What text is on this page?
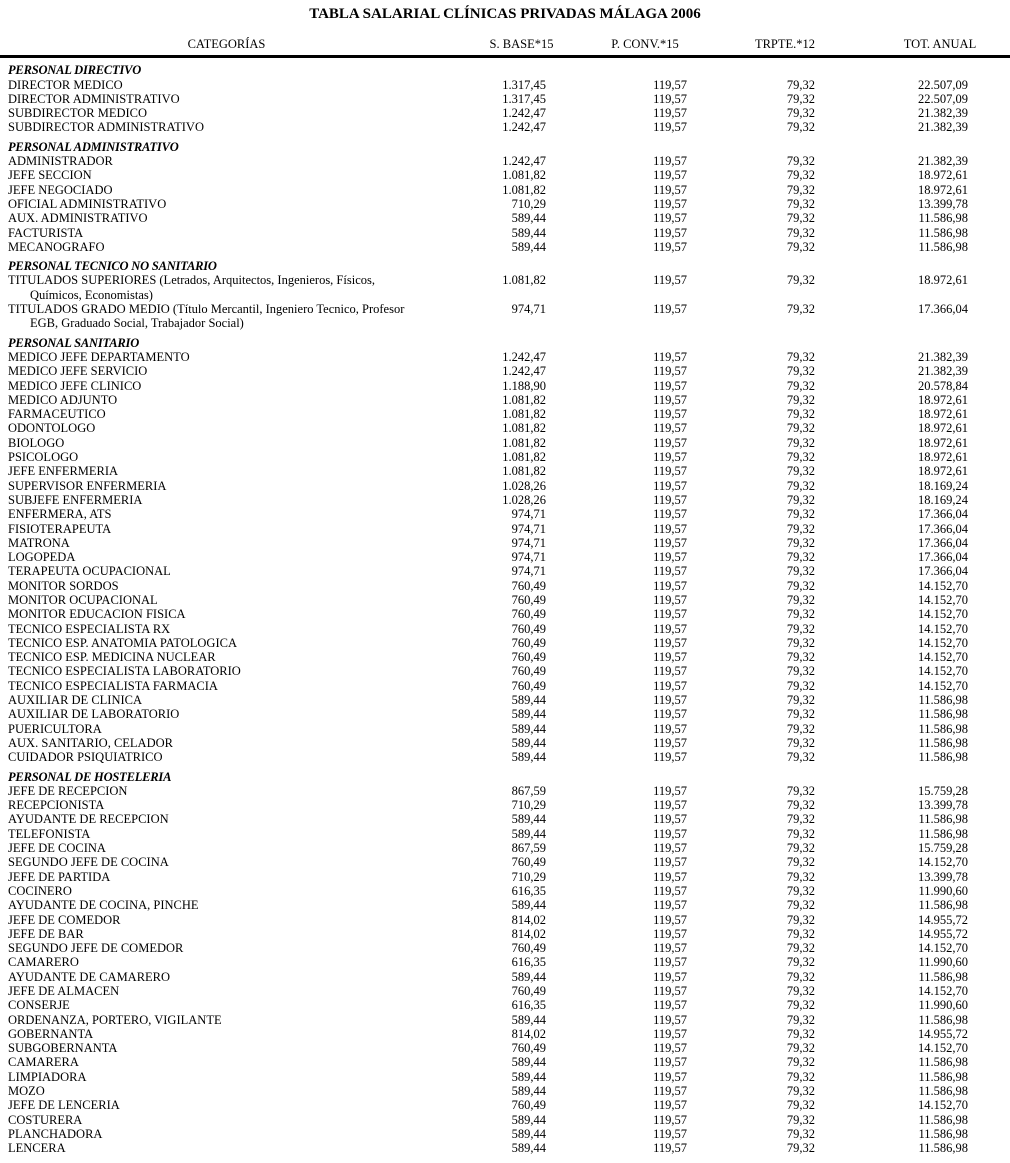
TABLA SALARIAL CLÍNICAS PRIVADAS MÁLAGA 2006
CATEGORÍAS	S. BASE*15	P. CONV.*15	TRPTE.*12	TOT. ANUAL
PERSONAL DIRECTIVO				
DIRECTOR MEDICO	1.317,45	119,57	79,32	22.507,09
DIRECTOR ADMINISTRATIVO	1.317,45	119,57	79,32	22.507,09
SUBDIRECTOR MEDICO	1.242,47	119,57	79,32	21.382,39
SUBDIRECTOR ADMINISTRATIVO	1.242,47	119,57	79,32	21.382,39
PERSONAL ADMINISTRATIVO				
ADMINISTRADOR	1.242,47	119,57	79,32	21.382,39
JEFE SECCION	1.081,82	119,57	79,32	18.972,61
JEFE NEGOCIADO	1.081,82	119,57	79,32	18.972,61
OFICIAL ADMINISTRATIVO	710,29	119,57	79,32	13.399,78
AUX. ADMINISTRATIVO	589,44	119,57	79,32	11.586,98
FACTURISTA	589,44	119,57	79,32	11.586,98
MECANOGRAFO	589,44	119,57	79,32	11.586,98
PERSONAL TECNICO NO SANITARIO				
TITULADOS SUPERIORES (Letrados, Arquitectos, Ingenieros, Físicos,
Químicos, Economistas)	1.081,82	119,57	79,32	18.972,61
TITULADOS GRADO MEDIO (Título Mercantil, Ingeniero Tecnico, Profesor
EGB, Graduado Social, Trabajador Social)	974,71	119,57	79,32	17.366,04
PERSONAL SANITARIO				
MEDICO JEFE DEPARTAMENTO	1.242,47	119,57	79,32	21.382,39
MEDICO JEFE SERVICIO	1.242,47	119,57	79,32	21.382,39
MEDICO JEFE CLINICO	1.188,90	119,57	79,32	20.578,84
MEDICO ADJUNTO	1.081,82	119,57	79,32	18.972,61
FARMACEUTICO	1.081,82	119,57	79,32	18.972,61
ODONTOLOGO	1.081,82	119,57	79,32	18.972,61
BIOLOGO	1.081,82	119,57	79,32	18.972,61
PSICOLOGO	1.081,82	119,57	79,32	18.972,61
JEFE ENFERMERIA	1.081,82	119,57	79,32	18.972,61
SUPERVISOR ENFERMERIA	1.028,26	119,57	79,32	18.169,24
SUBJEFE ENFERMERIA	1.028,26	119,57	79,32	18.169,24
ENFERMERA, ATS	974,71	119,57	79,32	17.366,04
FISIOTERAPEUTA	974,71	119,57	79,32	17.366,04
MATRONA	974,71	119,57	79,32	17.366,04
LOGOPEDA	974,71	119,57	79,32	17.366,04
TERAPEUTA OCUPACIONAL	974,71	119,57	79,32	17.366,04
MONITOR SORDOS	760,49	119,57	79,32	14.152,70
MONITOR OCUPACIONAL	760,49	119,57	79,32	14.152,70
MONITOR EDUCACION FISICA	760,49	119,57	79,32	14.152,70
TECNICO ESPECIALISTA RX	760,49	119,57	79,32	14.152,70
TECNICO ESP. ANATOMIA PATOLOGICA	760,49	119,57	79,32	14.152,70
TECNICO ESP. MEDICINA NUCLEAR	760,49	119,57	79,32	14.152,70
TECNICO ESPECIALISTA LABORATORIO	760,49	119,57	79,32	14.152,70
TECNICO ESPECIALISTA FARMACIA	760,49	119,57	79,32	14.152,70
AUXILIAR DE CLINICA	589,44	119,57	79,32	11.586,98
AUXILIAR DE LABORATORIO	589,44	119,57	79,32	11.586,98
PUERICULTORA	589,44	119,57	79,32	11.586,98
AUX. SANITARIO, CELADOR	589,44	119,57	79,32	11.586,98
CUIDADOR PSIQUIATRICO	589,44	119,57	79,32	11.586,98
PERSONAL DE HOSTELERIA				
JEFE DE RECEPCION	867,59	119,57	79,32	15.759,28
RECEPCIONISTA	710,29	119,57	79,32	13.399,78
AYUDANTE DE RECEPCION	589,44	119,57	79,32	11.586,98
TELEFONISTA	589,44	119,57	79,32	11.586,98
JEFE DE COCINA	867,59	119,57	79,32	15.759,28
SEGUNDO JEFE DE COCINA	760,49	119,57	79,32	14.152,70
JEFE DE PARTIDA	710,29	119,57	79,32	13.399,78
COCINERO	616,35	119,57	79,32	11.990,60
AYUDANTE DE COCINA, PINCHE	589,44	119,57	79,32	11.586,98
JEFE DE COMEDOR	814,02	119,57	79,32	14.955,72
JEFE DE BAR	814,02	119,57	79,32	14.955,72
SEGUNDO JEFE DE COMEDOR	760,49	119,57	79,32	14.152,70
CAMARERO	616,35	119,57	79,32	11.990,60
AYUDANTE DE CAMARERO	589,44	119,57	79,32	11.586,98
JEFE DE ALMACEN	760,49	119,57	79,32	14.152,70
CONSERJE	616,35	119,57	79,32	11.990,60
ORDENANZA, PORTERO, VIGILANTE	589,44	119,57	79,32	11.586,98
GOBERNANTA	814,02	119,57	79,32	14.955,72
SUBGOBERNANTA	760,49	119,57	79,32	14.152,70
CAMARERA	589,44	119,57	79,32	11.586,98
LIMPIADORA	589,44	119,57	79,32	11.586,98
MOZO	589,44	119,57	79,32	11.586,98
JEFE DE LENCERIA	760,49	119,57	79,32	14.152,70
COSTURERA	589,44	119,57	79,32	11.586,98
PLANCHADORA	589,44	119,57	79,32	11.586,98
LENCERA	589,44	119,57	79,32	11.586,98
